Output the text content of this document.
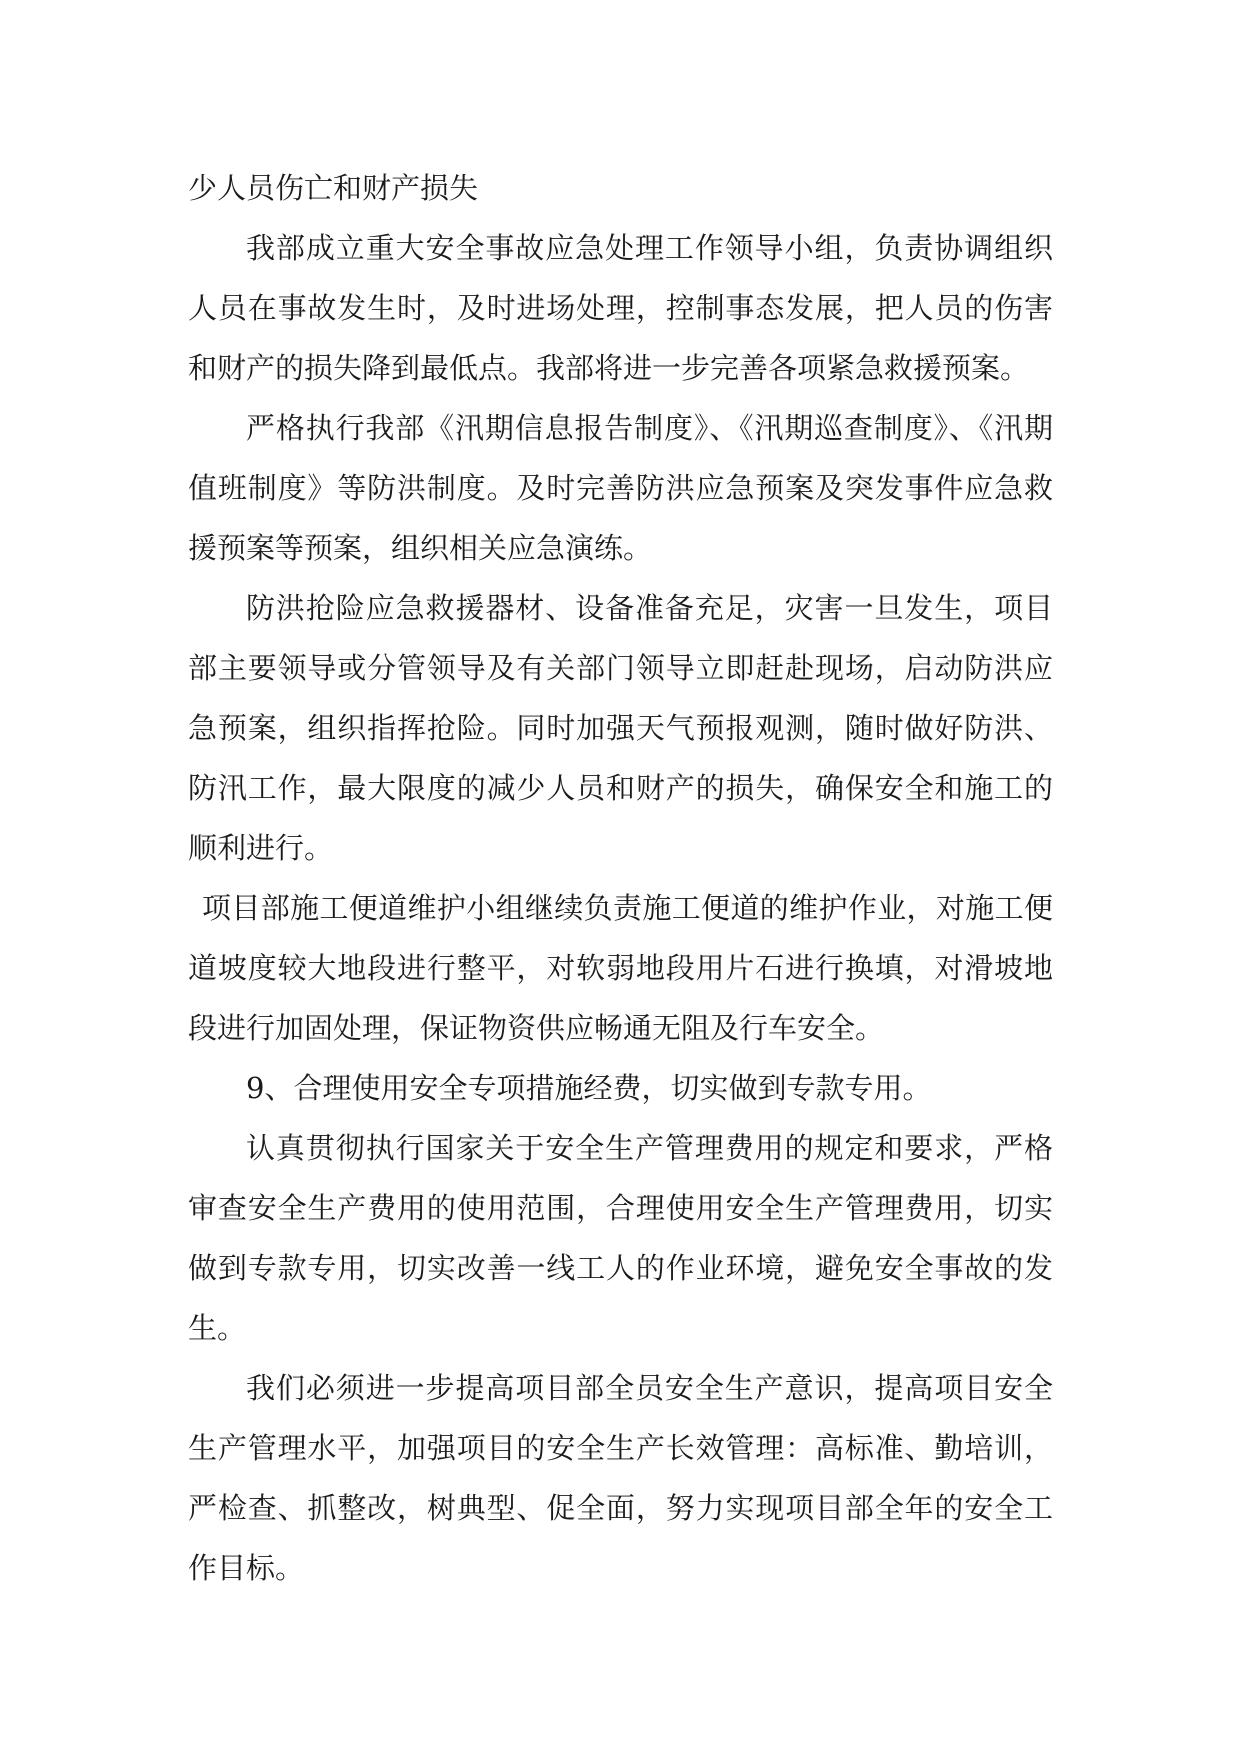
少人员伤亡和财产损失

我部成立重大安全事故应急处理工作领导小组，负责协调组织人员在事故发生时，及时进场处理，控制事态发展，把人员的伤害和财产的损失降到最低点。我部将进一步完善各项紧急救援预案。

严格执行我部《汛期信息报告制度》、《汛期巡查制度》、《汛期值班制度》等防洪制度。及时完善防洪应急预案及突发事件应急救援预案等预案，组织相关应急演练。

防洪抢险应急救援器材、设备准备充足，灾害一旦发生，项目部主要领导或分管领导及有关部门领导立即赶赴现场，启动防洪应急预案，组织指挥抢险。同时加强天气预报观测，随时做好防洪、防汛工作，最大限度的减少人员和财产的损失，确保安全和施工的顺利进行。

项目部施工便道维护小组继续负责施工便道的维护作业，对施工便道坡度较大地段进行整平，对软弱地段用片石进行换填，对滑坡地段进行加固处理，保证物资供应畅通无阻及行车安全。

9、合理使用安全专项措施经费，切实做到专款专用。

认真贯彻执行国家关于安全生产管理费用的规定和要求，严格审查安全生产费用的使用范围，合理使用安全生产管理费用，切实做到专款专用，切实改善一线工人的作业环境，避免安全事故的发生。

我们必须进一步提高项目部全员安全生产意识，提高项目安全生产管理水平，加强项目的安全生产长效管理：高标准、勤培训，严检查、抓整改，树典型、促全面，努力实现项目部全年的安全工作目标。
